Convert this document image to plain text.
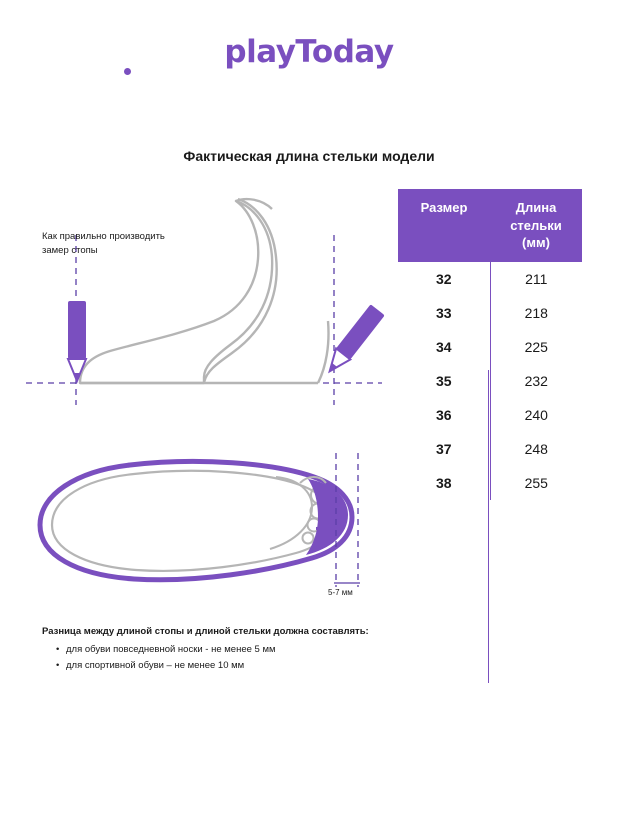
playToday
Фактическая длина стельки модели
Как правильно производить
замер стопы
5-7 мм
Размер	Длина
стельки
(мм)

32	211
33	218
34	225
35	232
36	240
37	248
38	255
Разница между длиной стопы и длиной стельки должна составлять:
• для обуви повседневной носки - не менее 5 мм
• для спортивной обуви – не менее 10 мм
